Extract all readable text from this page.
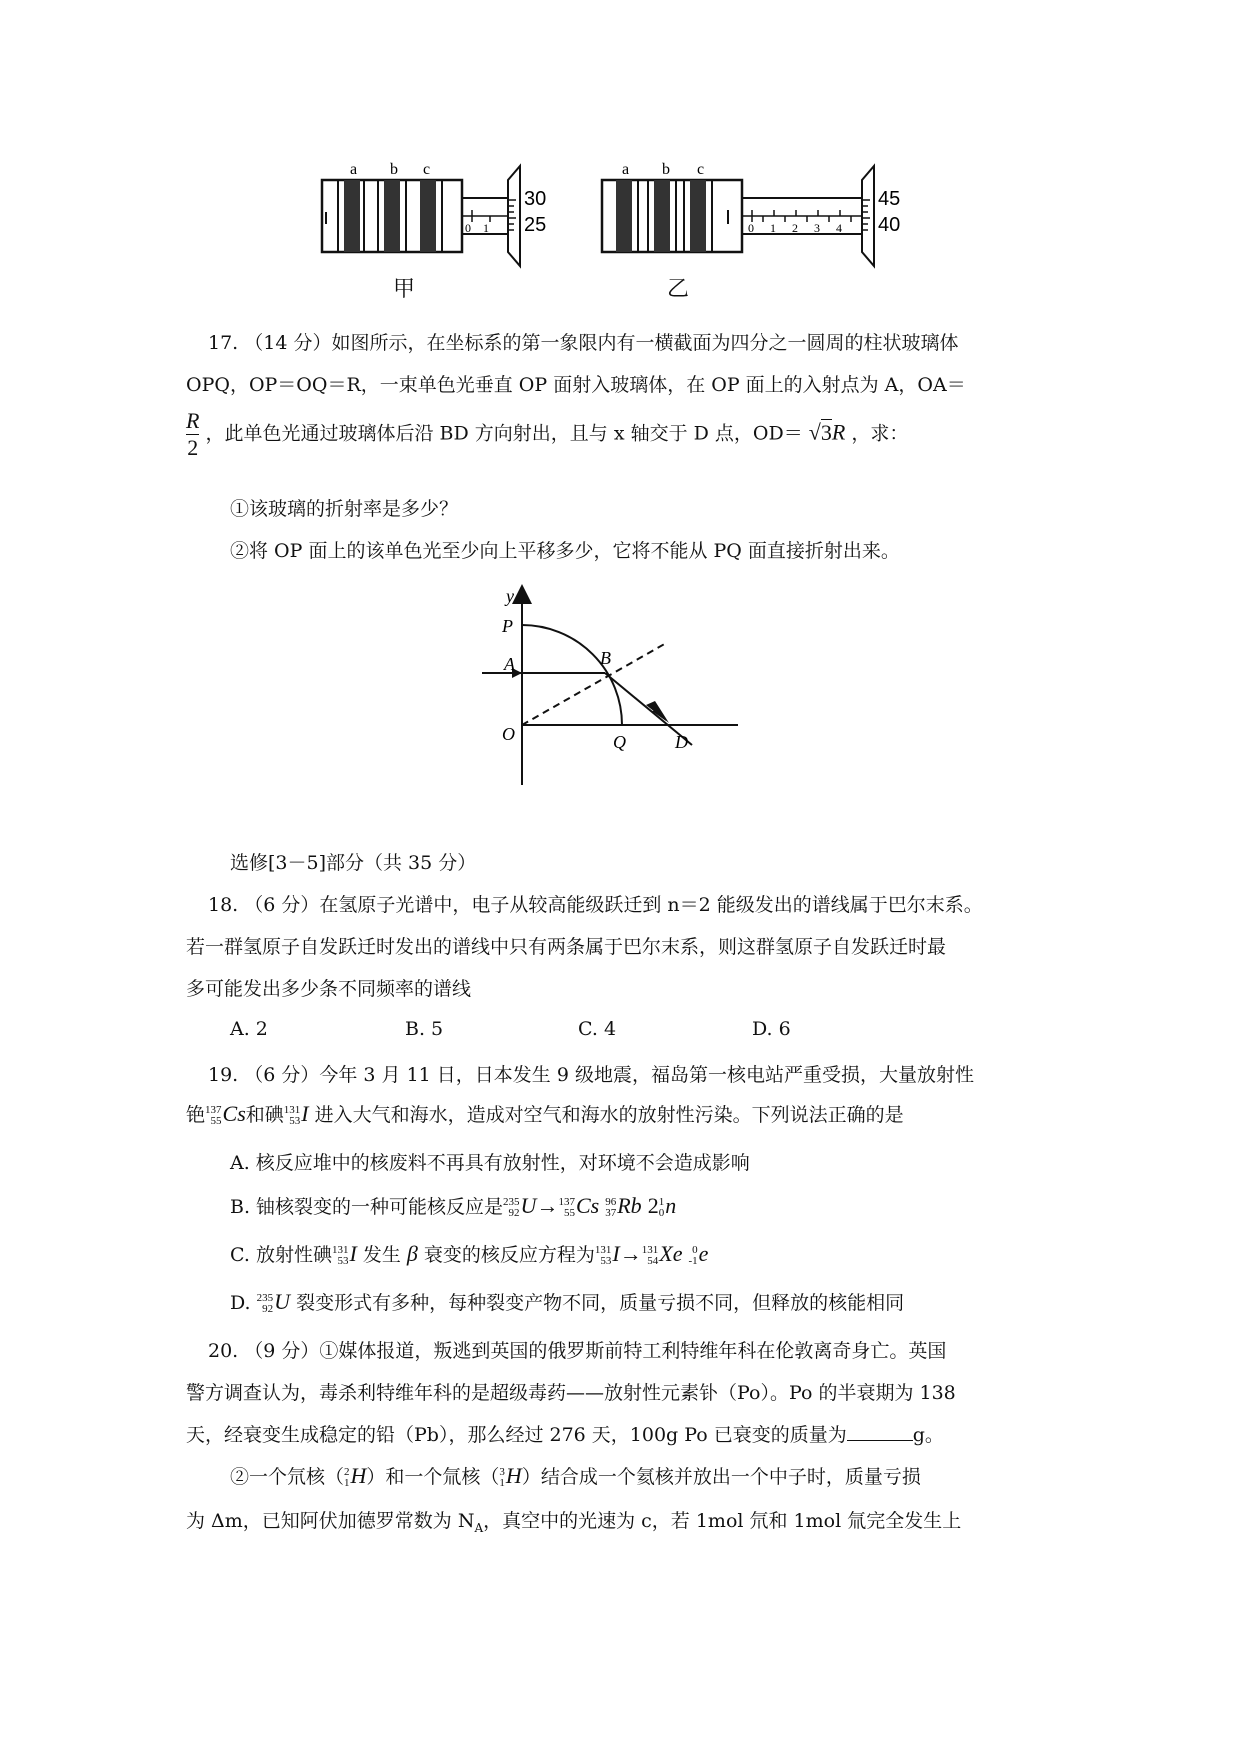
a b c
0 1
30
25
甲
a b c
0 1 2 3 4
45
40
乙
17. （14 分）如图所示，在坐标系的第一象限内有一横截面为四分之一圆周的柱状玻璃体
OPQ，OP＝OQ＝R，一束单色光垂直 OP 面射入玻璃体，在 OP 面上的入射点为 A，OA＝
$\frac{R}{2}$ ，此单色光通过玻璃体后沿 BD 方向射出，且与 x 轴交于 D 点，OD＝ √3R ，求：
①该玻璃的折射率是多少？
②将 OP 面上的该单色光至少向上平移多少，它将不能从 PQ 面直接折射出来。
y
P
A	B
O	Q	D
选修[3－5]部分（共 35 分）
18. （6 分）在氢原子光谱中，电子从较高能级跃迁到 n＝2 能级发出的谱线属于巴尔末系。
若一群氢原子自发跃迁时发出的谱线中只有两条属于巴尔末系，则这群氢原子自发跃迁时最
多可能发出多少条不同频率的谱线
A. 2	B. 5	C. 4	D. 6
19. （6 分）今年 3 月 11 日，日本发生 9 级地震，福岛第一核电站严重受损，大量放射性
铯 137
55 Cs和碘 131
53 I 进入大气和海水，造成对空气和海水的放射性污染。下列说法正确的是
A. 核反应堆中的核废料不再具有放射性，对环境不会造成影响
B. 铀核裂变的一种可能核反应是 235
92 U→ 137
55 Cs 96
37 Rb 2 1
0 n
C. 放射性碘 131
53 I 发生 β 衰变的核反应方程为 131
53 I→ 131
54 Xe 0
-1 e
D. 235
92 U 裂变形式有多种，每种裂变产物不同，质量亏损不同，但释放的核能相同
20. （9 分）①媒体报道，叛逃到英国的俄罗斯前特工利特维年科在伦敦离奇身亡。英国
警方调查认为，毒杀利特维年科的是超级毒药——放射性元素钋（Po）。Po 的半衰期为 138
天，经衰变生成稳定的铅（Pb），那么经过 276 天，100g Po 已衰变的质量为	g。
②一个氘核（ 2
1 H）和一个氚核（ 3
1 H）结合成一个氦核并放出一个中子时，质量亏损
为 Δm，已知阿伏加德罗常数为 $N_A$，真空中的光速为 c，若 1mol 氘和 1mol 氚完全发生上
